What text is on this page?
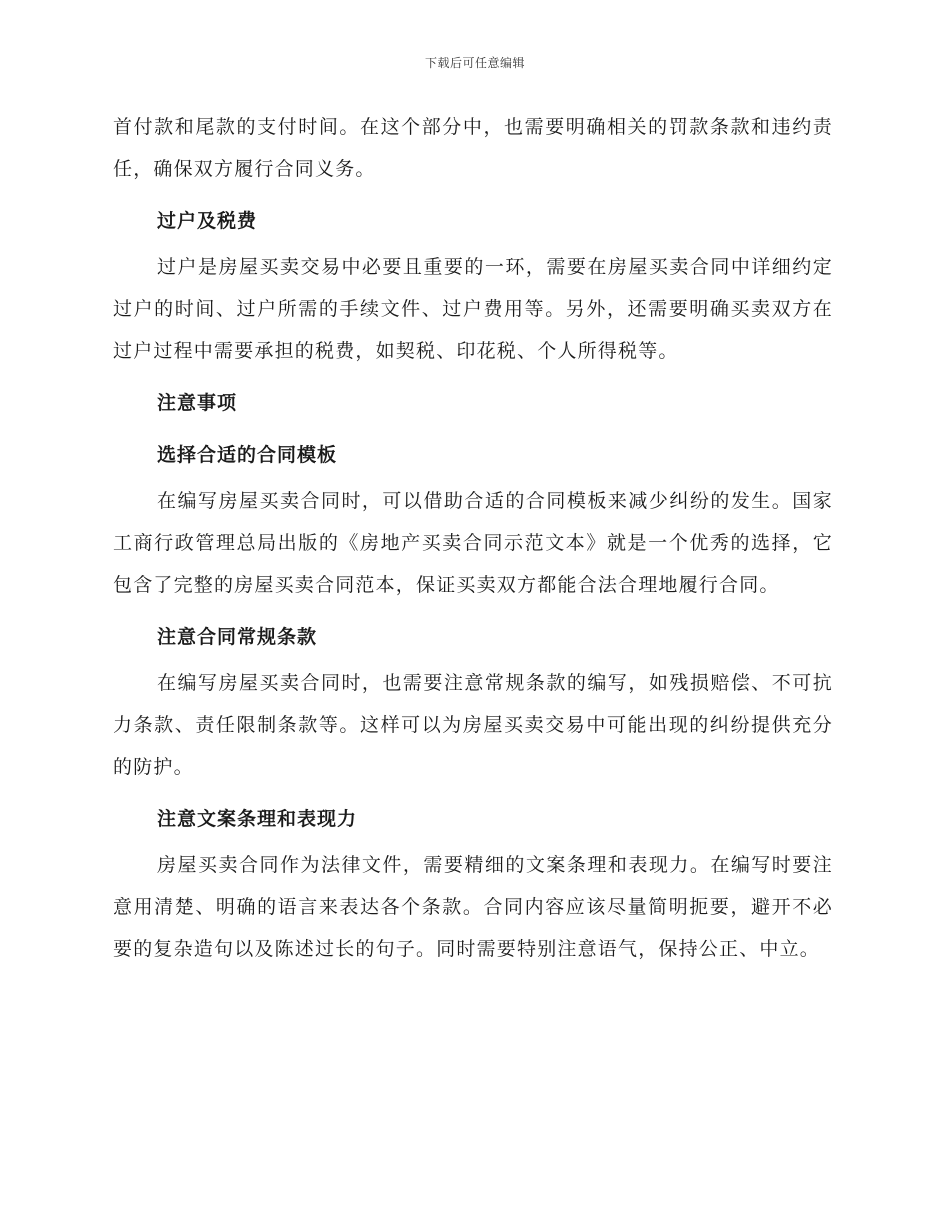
下载后可任意编辑

首付款和尾款的支付时间。在这个部分中，也需要明确相关的罚款条款和违约责任，确保双方履行合同义务。

过户及税费

过户是房屋买卖交易中必要且重要的一环，需要在房屋买卖合同中详细约定过户的时间、过户所需的手续文件、过户费用等。另外，还需要明确买卖双方在过户过程中需要承担的税费，如契税、印花税、个人所得税等。

注意事项
选择合适的合同模板

在编写房屋买卖合同时，可以借助合适的合同模板来减少纠纷的发生。国家工商行政管理总局出版的《房地产买卖合同示范文本》就是一个优秀的选择，它包含了完整的房屋买卖合同范本，保证买卖双方都能合法合理地履行合同。

注意合同常规条款

在编写房屋买卖合同时，也需要注意常规条款的编写，如残损赔偿、不可抗力条款、责任限制条款等。这样可以为房屋买卖交易中可能出现的纠纷提供充分的防护。

注意文案条理和表现力

房屋买卖合同作为法律文件，需要精细的文案条理和表现力。在编写时要注意用清楚、明确的语言来表达各个条款。合同内容应该尽量简明扼要，避开不必要的复杂造句以及陈述过长的句子。同时需要特别注意语气，保持公正、中立。
